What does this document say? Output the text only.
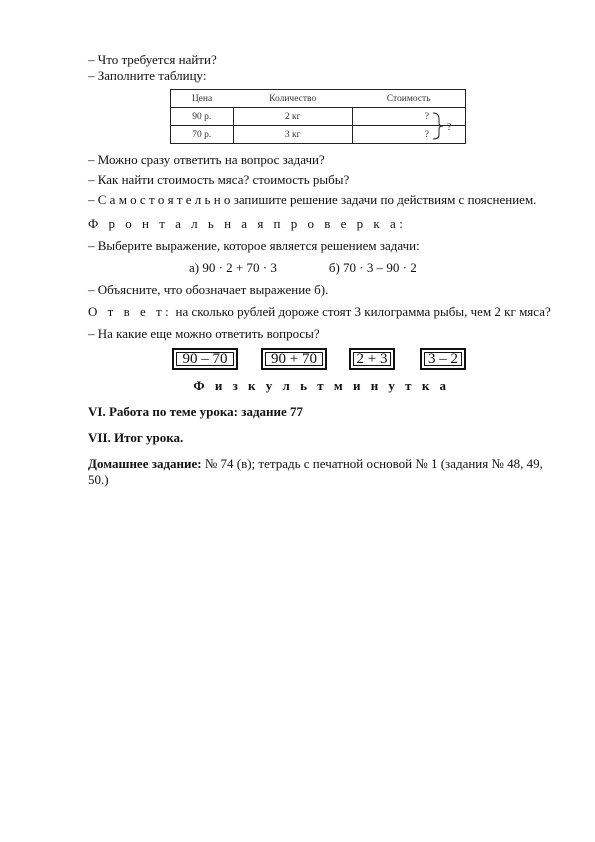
– Что требуется найти?

– Заполните таблицу:

Цена	Количество	Стоимость
90 р.	2 кг	?
?

70 р.	3 кг	?

– Можно сразу ответить на вопрос задачи?

– Как найти стоимость мяса? стоимость рыбы?

– С а м о с т о я т е л ь н о запишите решение задачи по действиям с пояснением.

Ф р о н т а л ь н а я п р о в е р к а:

– Выберите выражение, которое является решением задачи:

а) 90 · 2 + 70 · 3	б) 70 · 3 – 90 · 2

– Объясните, что обозначает выражение б).

О т в е т: на сколько рублей дороже стоят 3 килограмма рыбы, чем 2 кг мяса?

– На какие еще можно ответить вопросы?

90 – 70	90 + 70	2 + 3	3 – 2

Ф и з к у л ь т м и н у т к а

VI. Работа по теме урока: задание 77

VII. Итог урока.

Домашнее задание: № 74 (в); тетрадь с печатной основой № 1 (задания № 48, 49, 50.)
